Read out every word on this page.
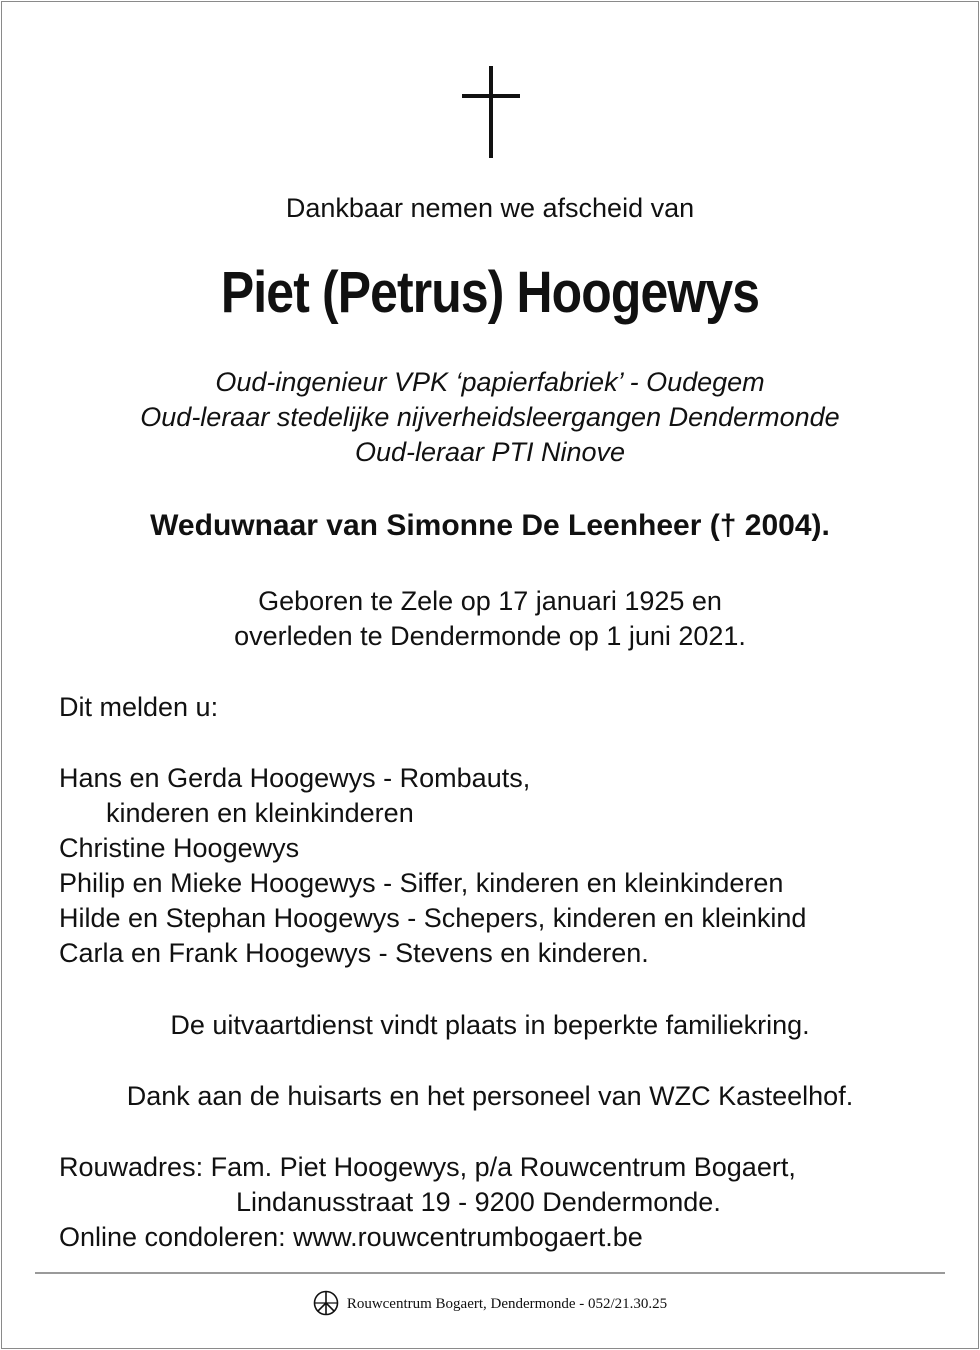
Dankbaar nemen we afscheid van
Piet (Petrus) Hoogewys
Oud-ingenieur VPK ‘papierfabriek’ - Oudegem
Oud-leraar stedelijke nijverheidsleergangen Dendermonde
Oud-leraar PTI Ninove
Weduwnaar van Simonne De Leenheer († 2004).
Geboren te Zele op 17 januari 1925 en
overleden te Dendermonde op 1 juni 2021.
Dit melden u:
Hans en Gerda Hoogewys - Rombauts,
kinderen en kleinkinderen
Christine Hoogewys
Philip en Mieke Hoogewys - Siffer, kinderen en kleinkinderen
Hilde en Stephan Hoogewys - Schepers, kinderen en kleinkind
Carla en Frank Hoogewys - Stevens en kinderen.
De uitvaartdienst vindt plaats in beperkte familiekring.
Dank aan de huisarts en het personeel van WZC Kasteelhof.
Rouwadres: Fam. Piet Hoogewys, p/a Rouwcentrum Bogaert,
Lindanusstraat 19 - 9200 Dendermonde.
Online condoleren: www.rouwcentrumbogaert.be
Rouwcentrum Bogaert, Dendermonde - 052/21.30.25
